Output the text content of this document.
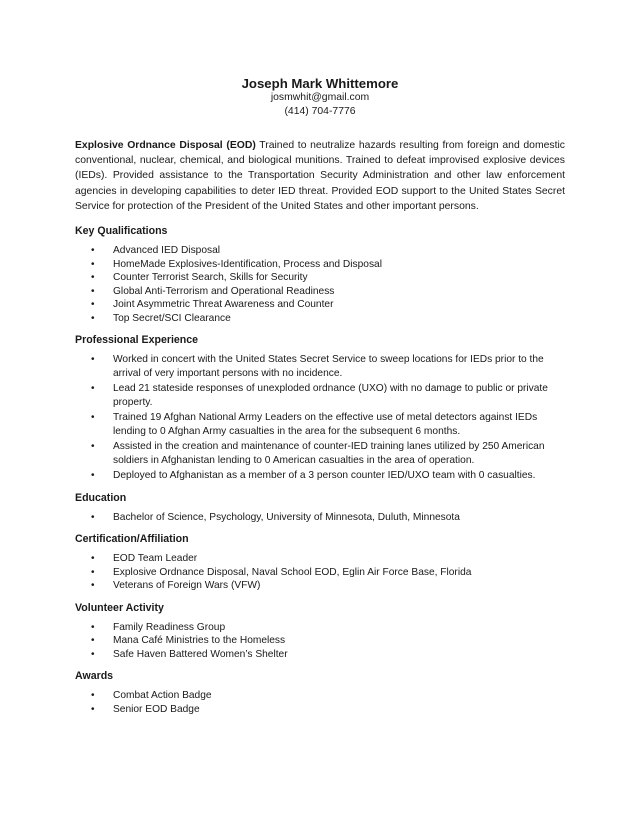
Joseph Mark Whittemore
josmwhit@gmail.com
(414) 704-7776

Explosive Ordnance Disposal (EOD) Trained to neutralize hazards resulting from foreign and domestic conventional, nuclear, chemical, and biological munitions. Trained to defeat improvised explosive devices (IEDs). Provided assistance to the Transportation Security Administration and other law enforcement agencies in developing capabilities to deter IED threat. Provided EOD support to the United States Secret Service for protection of the President of the United States and other important persons.

Key Qualifications
• Advanced IED Disposal
• HomeMade Explosives-Identification, Process and Disposal
• Counter Terrorist Search, Skills for Security
• Global Anti-Terrorism and Operational Readiness
• Joint Asymmetric Threat Awareness and Counter
• Top Secret/SCI Clearance
Professional Experience
• Worked in concert with the United States Secret Service to sweep locations for IEDs prior to the arrival of very important persons with no incidence.
• Lead 21 stateside responses of unexploded ordnance (UXO) with no damage to public or private property.
• Trained 19 Afghan National Army Leaders on the effective use of metal detectors against IEDs lending to 0 Afghan Army casualties in the area for the subsequent 6 months.
• Assisted in the creation and maintenance of counter-IED training lanes utilized by 250 American soldiers in Afghanistan lending to 0 American casualties in the area of operation.
• Deployed to Afghanistan as a member of a 3 person counter IED/UXO team with 0 casualties.
Education
• Bachelor of Science, Psychology, University of Minnesota, Duluth, Minnesota
Certification/Affiliation
• EOD Team Leader
• Explosive Ordnance Disposal, Naval School EOD, Eglin Air Force Base, Florida
• Veterans of Foreign Wars (VFW)
Volunteer Activity
• Family Readiness Group
• Mana Café Ministries to the Homeless
• Safe Haven Battered Women’s Shelter
Awards
• Combat Action Badge
• Senior EOD Badge
